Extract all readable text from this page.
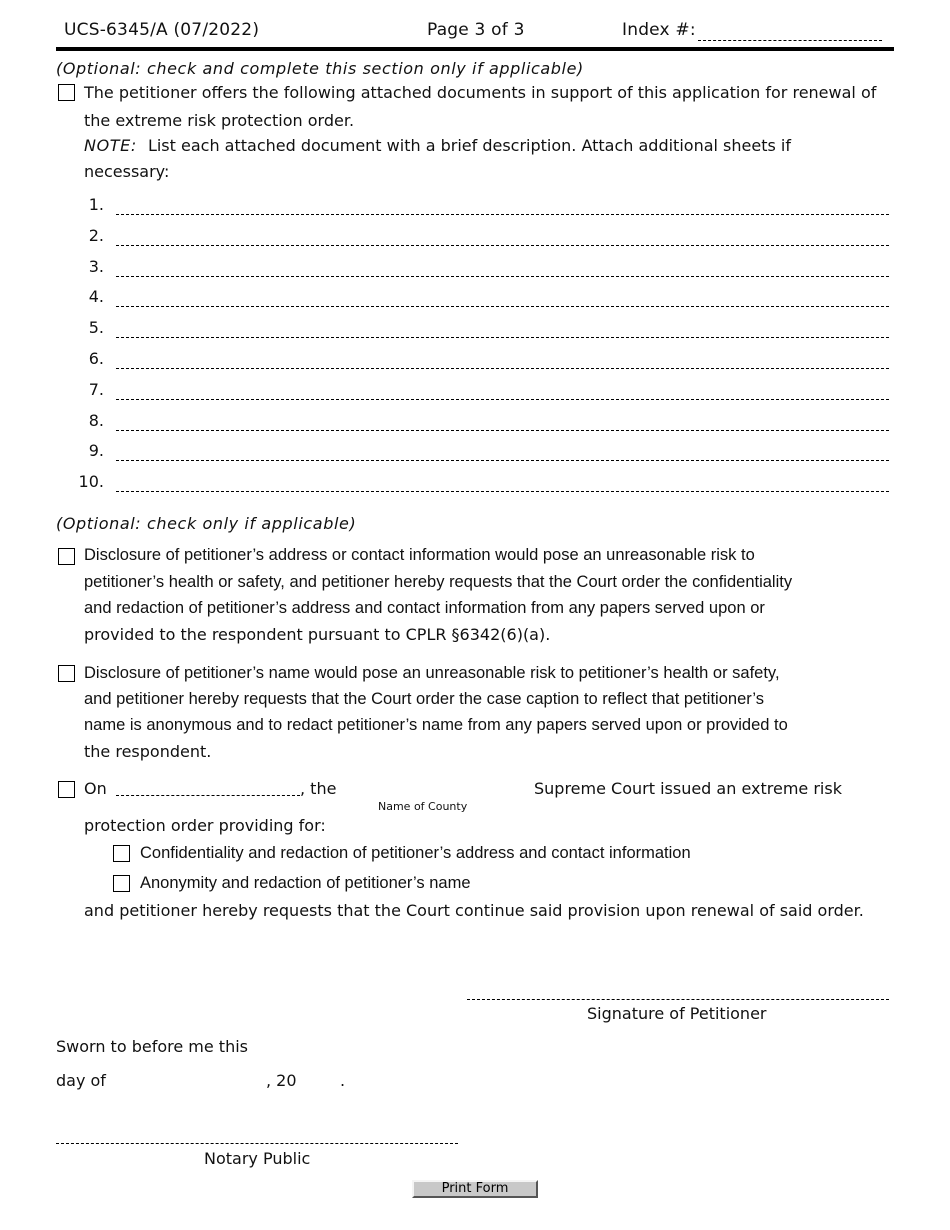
UCS-6345/A (07/2022)	Page 3 of 3	Index #:
(Optional: check and complete this section only if applicable)
The petitioner offers the following attached documents in support of this application for renewal of
the extreme risk protection order.
NOTE: List each attached document with a brief description. Attach additional sheets if
necessary:
1.
2.
3.
4.
5.
6.
7.
8.
9.
10.
(Optional: check only if applicable)
Disclosure of petitioner’s address or contact information would pose an unreasonable risk to
petitioner’s health or safety, and petitioner hereby requests that the Court order the confidentiality
and redaction of petitioner’s address and contact information from any papers served upon or
provided to the respondent pursuant to CPLR §6342(6)(a).
Disclosure of petitioner’s name would pose an unreasonable risk to petitioner’s health or safety,
and petitioner hereby requests that the Court order the case caption to reflect that petitioner’s
name is anonymous and to redact petitioner’s name from any papers served upon or provided to
the respondent.
On	, the
Name of County
Supreme Court issued an extreme risk
protection order providing for:
Confidentiality and redaction of petitioner’s address and contact information
Anonymity and redaction of petitioner’s name
and petitioner hereby requests that the Court continue said provision upon renewal of said order.
Signature of Petitioner
Sworn to before me this
day of	, 20	.
Notary Public
Print Form
